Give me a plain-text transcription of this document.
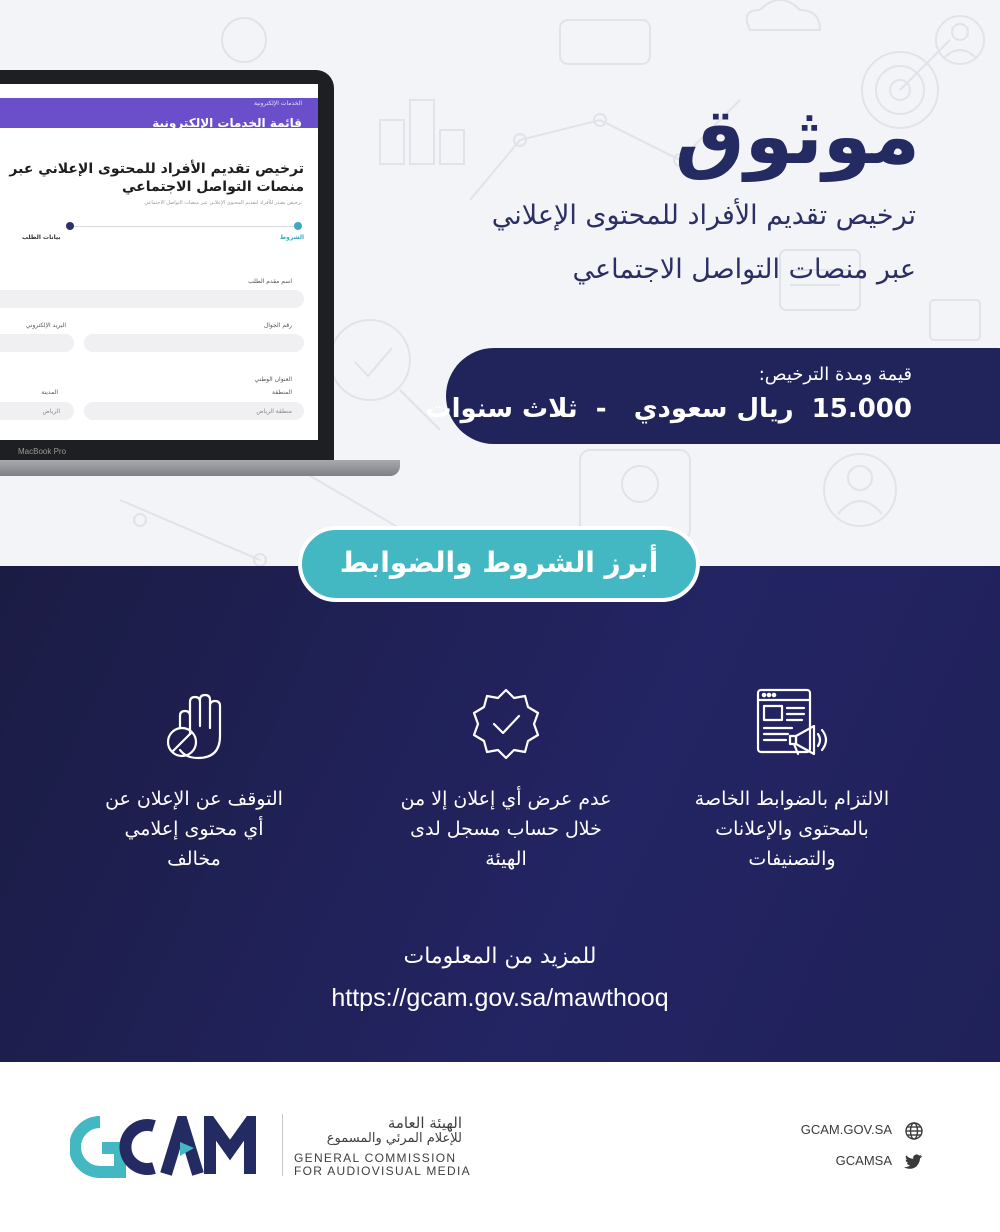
موثوق
ترخيص تقديم الأفراد للمحتوى الإعلاني
عبر منصات التواصل الاجتماعي
قيمة ومدة الترخيص:
15.000  ريال سعودي   -  ثلاث سنوات
الخدمات الإلكترونية
قائمة الخدمات الإلكترونية
ترخيص تقديم الأفراد للمحتوى الإعلاني عبر منصات التواصل الاجتماعي
ترخيص يصدر للأفراد لتقديم المحتوى الإعلاني عبر منصات التواصل الاجتماعي
الشروط
بيانات الطلب
اسم مقدم الطلب
رقم الجوال
البريد الإلكتروني
العنوان الوطني
المنطقة
منطقة الرياض
المدينة
الرياض
MacBook Pro
أبرز الشروط والضوابط
التوقف عن الإعلان عن
أي محتوى إعلامي
مخالف
عدم عرض أي إعلان إلا من
خلال حساب مسجل لدى
الهيئة
الالتزام بالضوابط الخاصة
بالمحتوى والإعلانات
والتصنيفات
للمزيد من المعلومات
https://gcam.gov.sa/mawthooq
GCAM	الهيئة العامة
للإعلام المرئي والمسموع
GENERAL COMMISSION
FOR AUDIOVISUAL MEDIA
GCAM.GOV.SA
GCAMSA
